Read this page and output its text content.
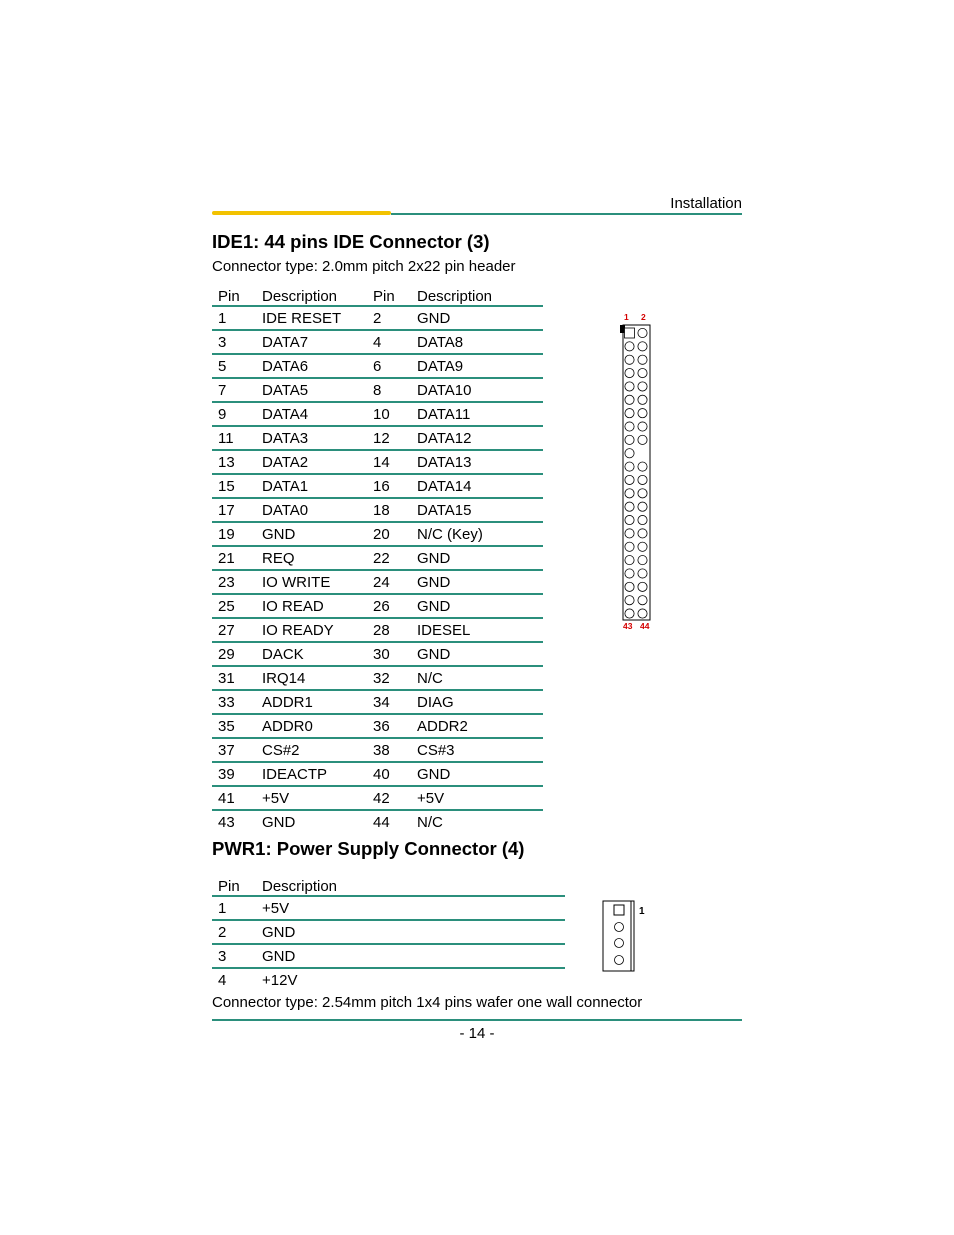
Installation
IDE1: 44 pins IDE Connector (3)
Connector type: 2.0mm pitch 2x22 pin header
Pin	Description	Pin	Description
1	IDE RESET	2	GND
3	DATA7	4	DATA8
5	DATA6	6	DATA9
7	DATA5	8	DATA10
9	DATA4	10	DATA11
11	DATA3	12	DATA12
13	DATA2	14	DATA13
15	DATA1	16	DATA14
17	DATA0	18	DATA15
19	GND	20	N/C (Key)
21	REQ	22	GND
23	IO WRITE	24	GND
25	IO READ	26	GND
27	IO READY	28	IDESEL
29	DACK	30	GND
31	IRQ14	32	N/C
33	ADDR1	34	DIAG
35	ADDR0	36	ADDR2
37	CS#2	38	CS#3
39	IDEACTP	40	GND
41	+5V	42	+5V
43	GND	44	N/C
1 2
43 44
PWR1: Power Supply Connector (4)
Pin	Description
1	+5V
2	GND
3	GND
4	+12V
Connector type: 2.54mm pitch 1x4 pins wafer one wall connector
1
- 14 -
